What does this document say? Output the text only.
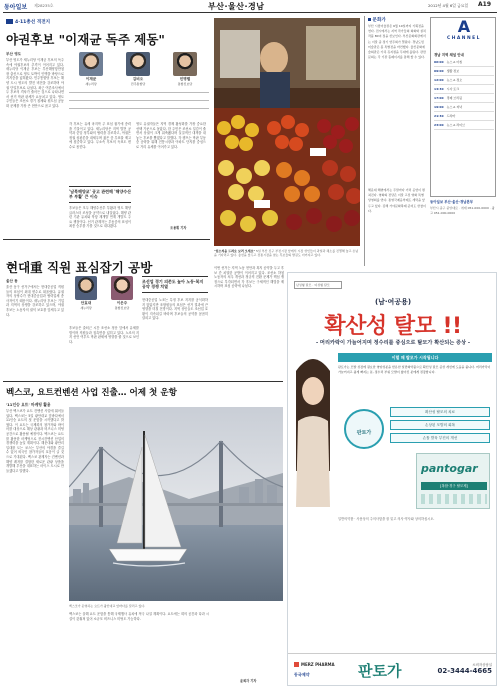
동아일보 제28235호	부산·울산·경남	2012년 4월 6일 금요일 A19
4·11총선 격전지
야권후보 "이재균 독주 제동"
부산 영도
부산 영도가 새누리당 이재균 후보의 독주 속에 야권후보의 추격이 이어지고 있다. 새누리당 이재균 후보는 부산해양항만청장 출신으로 영도 토박이 인맥을 바탕으로 지지층을 넓혀왔다. 민주통합당 후보는 해양 도시 영도의 발전 비전을 강조하며 야권 단일후보로 나섰다. 최근 여론조사에서 두 후보의 격차가 줄어든 것으로 나타나면서 선거 막판 판세가 요동치고 있다. 영도 주민들은 조선소 경기 침체와 원도심 공동화 문제를 가장 큰 현안으로 꼽고 있다.
이재균
새누리당
김비오
민주통합당
민병렬
통합진보당
각 후보는 유세 마지막 주 표심 잡기에 총력을 기울이고 있다. 새누리당은 지역 발전 공약과 중앙 정부와의 협력을 강조하고, 야권은 정권 심판론을 내세우며 젊은 층 투표율 제고에 집중하고 있다. 무소속 후보의 득표도 변수로 꼽힌다.
'남북해양교' 공고 관련해 '해양수산부 부활' 큰 이슈
후보들은 모두 해양수산부 부활과 영도 해양클러스터 조성을 공약으로 내걸었다. 해양 관련 기관 유치와 북항 재개발 연계 개발도 주요 쟁점이다. 선거 관계자는 부동층의 표심이 최종 승부를 가를 것으로 내다봤다.
영도 유권자들은 지역 경제 활성화를 가장 중요한 선택 기준으로 꼽았다. 한 주민은 조선소 일감이 줄면서 상권이 크게 위축됐다며 실질적인 대책을 내놓는 후보를 뽑겠다고 말했다. 각 캠프는 막판 부동층 공략을 위해 전통시장과 아파트 단지를 중심으로 거리 유세를 이어가고 있다.
조용휘 기자
"임소석을 드려요 보러 오세요" 5일 부산 진구 부전시장 앞에서 시장 상인들이 과일과 채소를 진열해 놓고 손님을 기다리고 있다. 총선을 앞두고 전통시장을 찾는 후보들의 발길도 이어지고 있다.
문화가
부산 시립미술관은 6월 10일까지 기획전을 연다. 전시에서는 지역 작가들의 회화와 설치 작품 80여 점을 선보인다. 부산문화회관에서는 이달 중 정기 연주회가 열린다. 경남도립미술관은 봄 특별전을 마련했다. 울산문화예술회관은 가족 뮤지컬을 무대에 올린다. 관람 문의는 각 기관 홈페이지를 통해 할 수 있다.
해운대 해변에서는 주말마다 거리 공연이 펼쳐진다. 영화의 전당은 이달 고전 영화 특별 상영회를 연다. 통영국제음악제도 개막을 앞두고 있다. 김해 가야문화축제 준비도 한창이다.
A
CHANNEL
경남 지역 채널 안내
06:00 뉴스 A 아침
09:00 생활 정보
12:00 뉴스 A 정오
14:30 시사 토크
17:00 경제 브리핑
19:00 뉴스 A 저녁
21:30 드라마
23:00 뉴스 A 라이브
동아일보 부산·울산·경남본부
부산시 중구 중앙대로 · 취재 051-000-0000 · 광고 051-000-0000
현대重 직원 표심잡기 공방
울산 동
울산 동구 선거구에서는 현대중공업 직원들의 표심이 최대 변수로 떠올랐다. 유권자의 상당수가 현대중공업과 협력업체 종사자이기 때문이다. 새누리당 후보는 기업과 지역의 상생을 강조하고 있으며, 야권 후보는 노동자의 권익 보호를 앞세우고 있다.
안효대
새누리당
이은주
통합진보당
후보들은 출퇴근 시간 조선소 정문 앞에서 유세를 벌이며 직원들과 접촉면을 넓히고 있다. 노조의 지지 선언 여부도 막판 판세에 영향을 줄 것으로 보인다.
조선업 경기 의존도 높아 노동·복지 공약 경쟁 치열
현대중공업 노조는 특정 후보 지지를 공식화하지 않았지만 조합원들의 표심은 선거 결과에 큰 영향을 미칠 전망이다. 지역 상인들도 조선업 호황이 지속되길 바라며 후보들의 공약을 꼼꼼히 살피고 있다.
이번 선거는 지역 노동 현안과 복지 공약을 두고 후보 간 치열한 공방이 이어지고 있다. 조선소 하청 노동자의 처우 개선과 정규직 전환 문제가 핵심 쟁점으로 부각되면서 각 후보는 구체적인 해법을 제시하며 표심 공략에 나섰다.
벡스코, 요트컨벤션 사업 진출… 어제 첫 운항
'11인승 요트' 마케팅 활용
부산 벡스코가 요트 컨벤션 사업에 뛰어들었다. 벡스코는 5일 광안대교 앞바다에서 11인승 요트의 첫 운항을 시작했다고 밝혔다. 이 요트는 국제회의 참가자와 바이어를 대상으로 해상 관광과 비즈니스 미팅 공간으로 활용될 예정이다. 벡스코는 요트를 활용한 마케팅으로 전시컨벤션 산업의 경쟁력을 높일 계획이다. 해운대와 광안리 일대를 도는 코스는 부산의 야경을 즐길 수 있어 외국인 참가자들의 호응이 클 것으로 기대된다. 벡스코 관계자는 컨벤션과 해양 레저를 결합한 새로운 관광 상품을 개발해 부산을 대표하는 마이스 도시로 만들겠다고 말했다.
벡스코가 운영하는 요트가 광안대교 앞바다를 달리고 있다.
벡스코는 올해 요트 운항을 통해 국제행사 유치에 적극 나설 계획이다. 요트에는 회의 공간과 다과 시설이 갖춰져 있어 소규모 비즈니스 미팅도 가능하다.
윤희각 기자
남성형 탈모 · 여성형 탈모
(남·여공용)
확산성 탈모 !!
- 머리카락이 가늘어지며 정수리를 중심으로 탈모가 확산되는 증상 -
이럴 때 탈모가 시작됩니다
판토가는 모발 성장에 필요한 영양성분을 함유한 일반의약품으로 확산성 탈모 증상 개선에 도움을 줍니다. 머리카락이 가늘어지고 쉽게 빠지는 분, 정수리 부위 모발이 얇아진 분에게 권장합니다.
판토가
확산성 탈모의 치료
손상된 모발의 회복
손톱 발육 부진의 개선
pantogar
[복합·경구 탈모제]
일반의약품 · 사용상의 주의사항을 잘 읽고 의사·약사와 상의하십시오.
MERZ PHARMA
동국제약	판토가	소비자상담실
02-3444-4665
